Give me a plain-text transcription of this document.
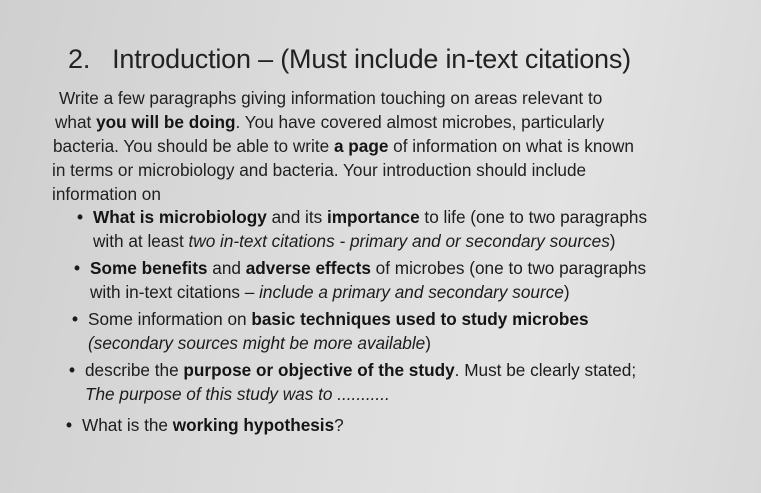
2. Introduction – (Must include in-text citations)
Write a few paragraphs giving information touching on areas relevant to
what you will be doing. You have covered almost microbes, particularly
bacteria. You should be able to write a page of information on what is known
in terms or microbiology and bacteria. Your introduction should include
information on
• What is microbiology and its importance to life (one to two paragraphs
with at least two in-text citations - primary and or secondary sources)
• Some benefits and adverse effects of microbes (one to two paragraphs
with in-text citations – include a primary and secondary source)
• Some information on basic techniques used to study microbes
(secondary sources might be more available)
• describe the purpose or objective of the study. Must be clearly stated;
The purpose of this study was to ...........
• What is the working hypothesis?
